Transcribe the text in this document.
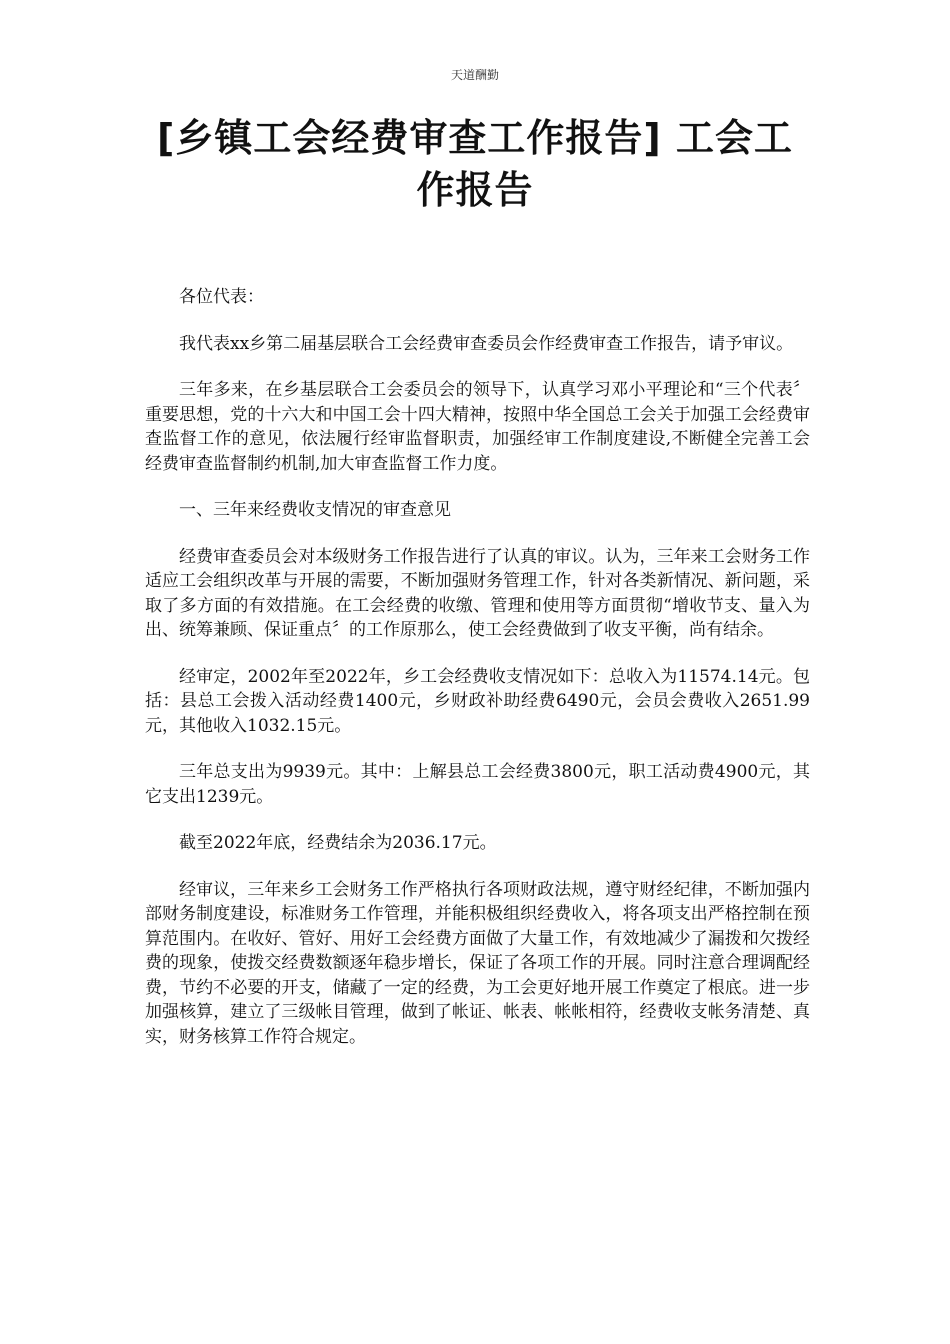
天道酬勤
[乡镇工会经费审查工作报告] 工会工作报告

各位代表：

我代表xx乡第二届基层联合工会经费审查委员会作经费审查工作报告，请予审议。

三年多来，在乡基层联合工会委员会的领导下，认真学习邓小平理论和“三个代表〞重要思想，党的十六大和中国工会十四大精神，按照中华全国总工会关于加强工会经费审查监督工作的意见，依法履行经审监督职责，加强经审工作制度建设,不断健全完善工会经费审查监督制约机制,加大审查监督工作力度。

一、三年来经费收支情况的审查意见

经费审查委员会对本级财务工作报告进行了认真的审议。认为，三年来工会财务工作适应工会组织改革与开展的需要，不断加强财务管理工作，针对各类新情况、新问题，采取了多方面的有效措施。在工会经费的收缴、管理和使用等方面贯彻“增收节支、量入为出、统筹兼顾、保证重点〞的工作原那么，使工会经费做到了收支平衡，尚有结余。

经审定，2002年至2022年，乡工会经费收支情况如下：总收入为11574.14元。包括：县总工会拨入活动经费1400元，乡财政补助经费6490元，会员会费收入2651.99元，其他收入1032.15元。

三年总支出为9939元。其中：上解县总工会经费3800元，职工活动费4900元，其它支出1239元。

截至2022年底，经费结余为2036.17元。

经审议，三年来乡工会财务工作严格执行各项财政法规，遵守财经纪律，不断加强内部财务制度建设，标准财务工作管理，并能积极组织经费收入，将各项支出严格控制在预算范围内。在收好、管好、用好工会经费方面做了大量工作，有效地减少了漏拨和欠拨经费的现象，使拨交经费数额逐年稳步增长，保证了各项工作的开展。同时注意合理调配经费，节约不必要的开支，储藏了一定的经费，为工会更好地开展工作奠定了根底。进一步加强核算，建立了三级帐目管理，做到了帐证、帐表、帐帐相符，经费收支帐务清楚、真实，财务核算工作符合规定。
